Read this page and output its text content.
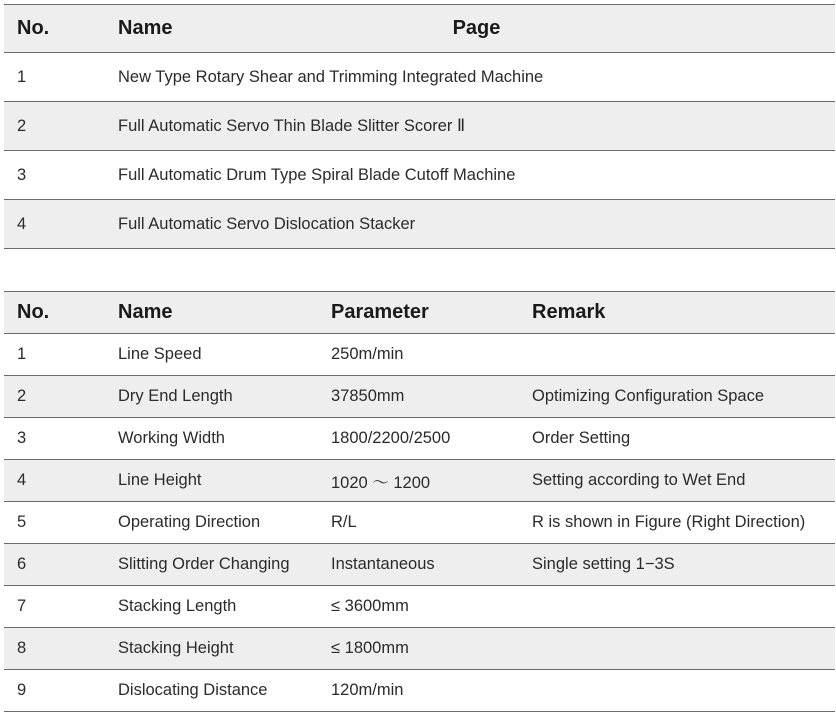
No.	Name	Page
1	New Type Rotary Shear and Trimming Integrated Machine
2	Full Automatic Servo Thin Blade Slitter Scorer Ⅱ
3	Full Automatic Drum Type Spiral Blade Cutoff Machine
4	Full Automatic Servo Dislocation Stacker
No.	Name	Parameter	Remark
1	Line Speed	250m/min
2	Dry End Length	37850mm	Optimizing Configuration Space
3	Working Width	1800/2200/2500	Order Setting
4	Line Height	1020 ～ 1200	Setting according to Wet End
5	Operating Direction	R/L	R is shown in Figure (Right Direction)
6	Slitting Order Changing	Instantaneous	Single setting 1−3S
7	Stacking Length	≤ 3600mm
8	Stacking Height	≤ 1800mm
9	Dislocating Distance	120m/min
